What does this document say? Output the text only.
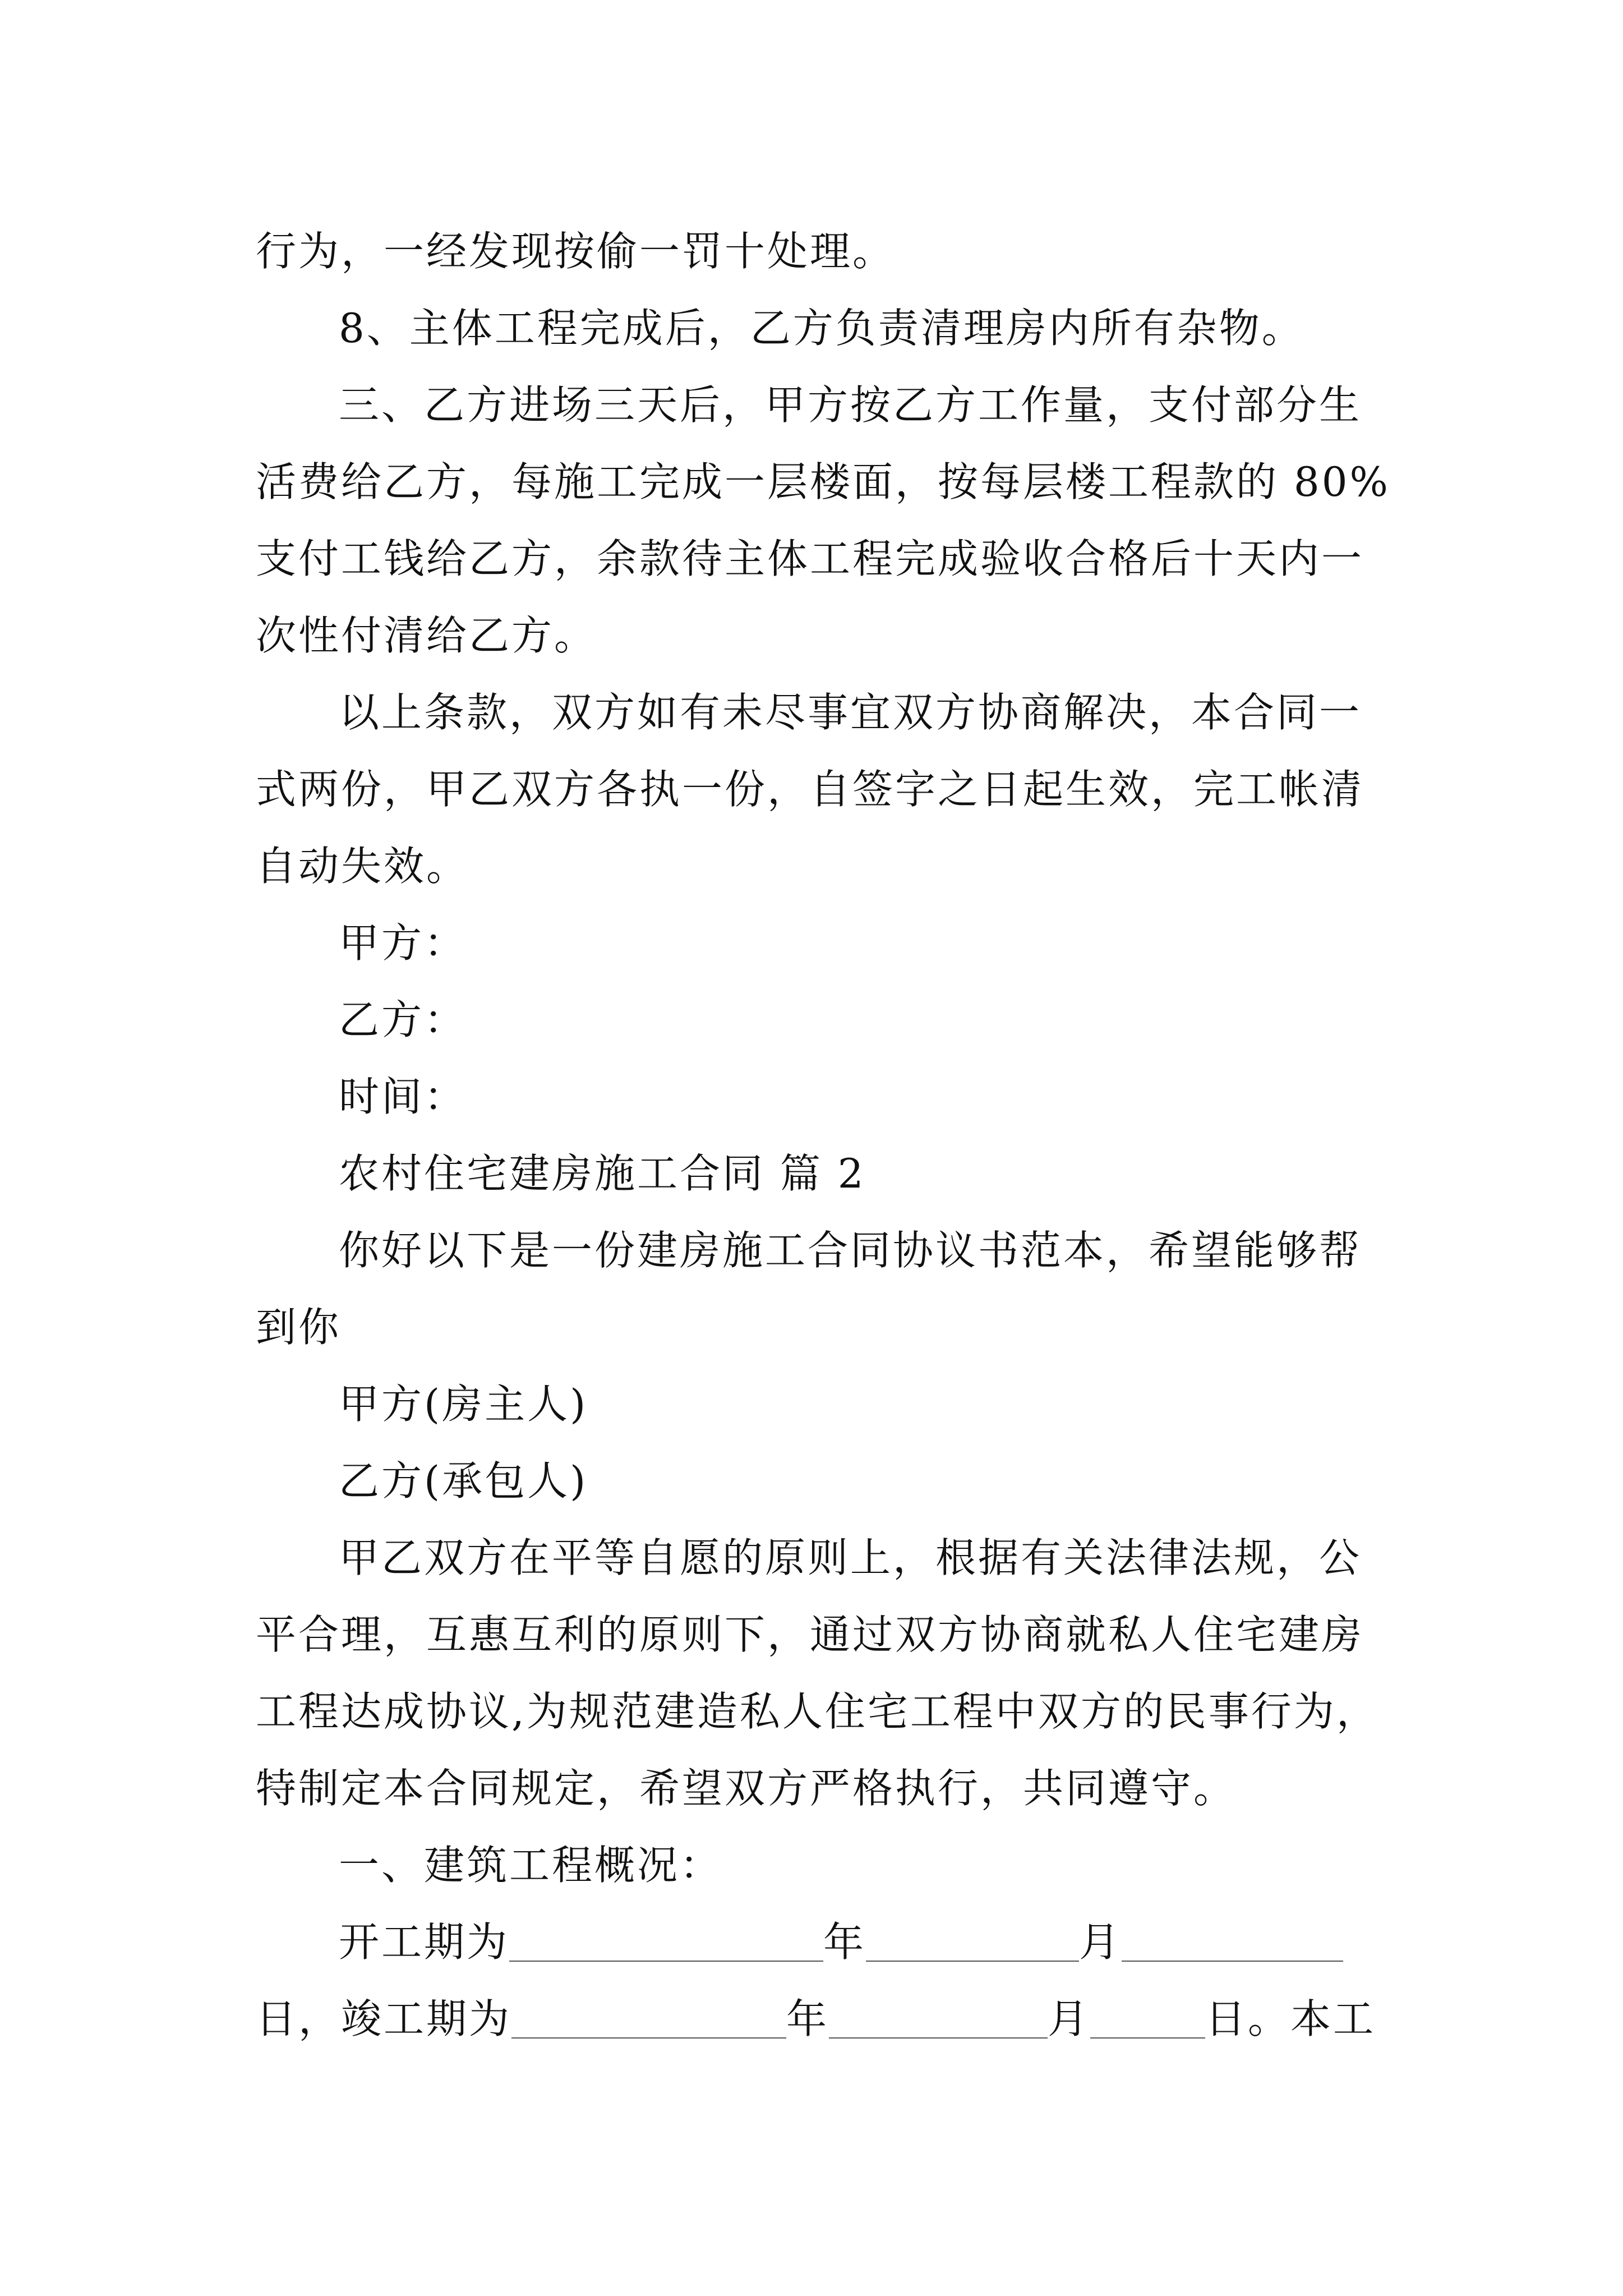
行为，一经发现按偷一罚十处理。
8、主体工程完成后，乙方负责清理房内所有杂物。
三、乙方进场三天后，甲方按乙方工作量，支付部分生
活费给乙方，每施工完成一层楼面，按每层楼工程款的 80%
支付工钱给乙方，余款待主体工程完成验收合格后十天内一
次性付清给乙方。
以上条款，双方如有未尽事宜双方协商解决，本合同一
式两份，甲乙双方各执一份，自签字之日起生效，完工帐清
自动失效。
甲方：
乙方：
时间：
农村住宅建房施工合同 篇 2
你好以下是一份建房施工合同协议书范本，希望能够帮
到你
甲方(房主人)
乙方(承包人)
甲乙双方在平等自愿的原则上，根据有关法律法规，公
平合理，互惠互利的原则下，通过双方协商就私人住宅建房
工程达成协议,为规范建造私人住宅工程中双方的民事行为，
特制定本合同规定，希望双方严格执行，共同遵守。
一、建筑工程概况：
开工期为	年	月
日，竣工期为	年	月	日。本工
